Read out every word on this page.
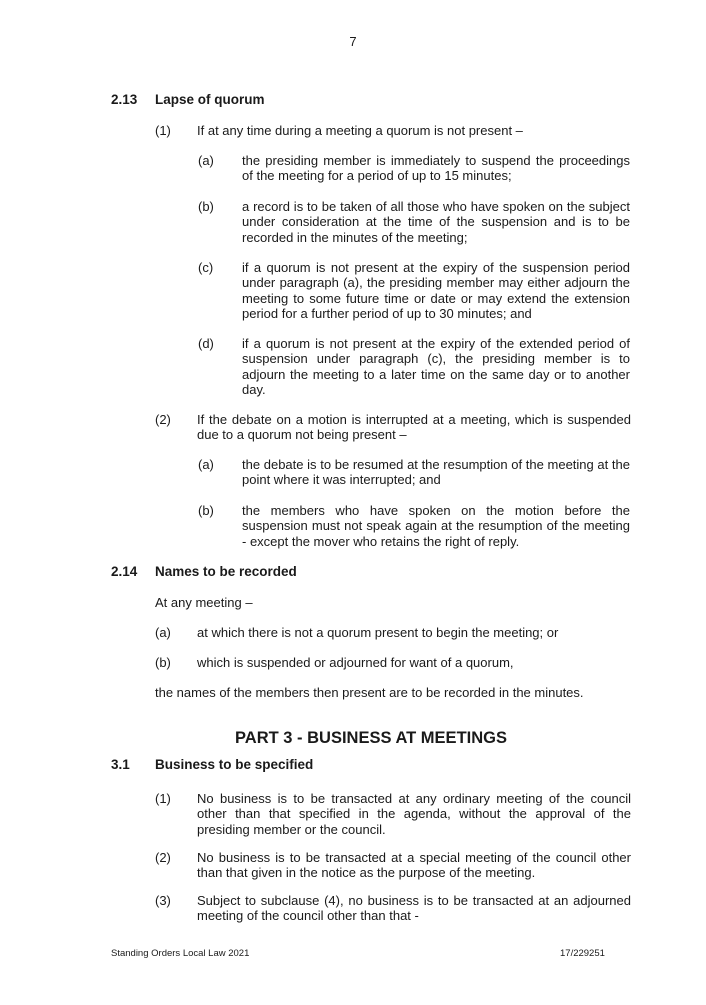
7
2.13 Lapse of quorum
(1) If at any time during a meeting a quorum is not present –
(a) the presiding member is immediately to suspend the proceedings of the meeting for a period of up to 15 minutes;
(b) a record is to be taken of all those who have spoken on the subject under consideration at the time of the suspension and is to be recorded in the minutes of the meeting;
(c) if a quorum is not present at the expiry of the suspension period under paragraph (a), the presiding member may either adjourn the meeting to some future time or date or may extend the extension period for a further period of up to 30 minutes; and
(d) if a quorum is not present at the expiry of the extended period of suspension under paragraph (c), the presiding member is to adjourn the meeting to a later time on the same day or to another day.
(2) If the debate on a motion is interrupted at a meeting, which is suspended due to a quorum not being present –
(a) the debate is to be resumed at the resumption of the meeting at the point where it was interrupted; and
(b) the members who have spoken on the motion before the suspension must not speak again at the resumption of the meeting - except the mover who retains the right of reply.
2.14 Names to be recorded
At any meeting –
(a) at which there is not a quorum present to begin the meeting; or
(b) which is suspended or adjourned for want of a quorum,
the names of the members then present are to be recorded in the minutes.
PART 3 - BUSINESS AT MEETINGS
3.1 Business to be specified
(1) No business is to be transacted at any ordinary meeting of the council other than that specified in the agenda, without the approval of the presiding member or the council.
(2) No business is to be transacted at a special meeting of the council other than that given in the notice as the purpose of the meeting.
(3) Subject to subclause (4), no business is to be transacted at an adjourned meeting of the council other than that -
Standing Orders Local Law 2021	17/229251
